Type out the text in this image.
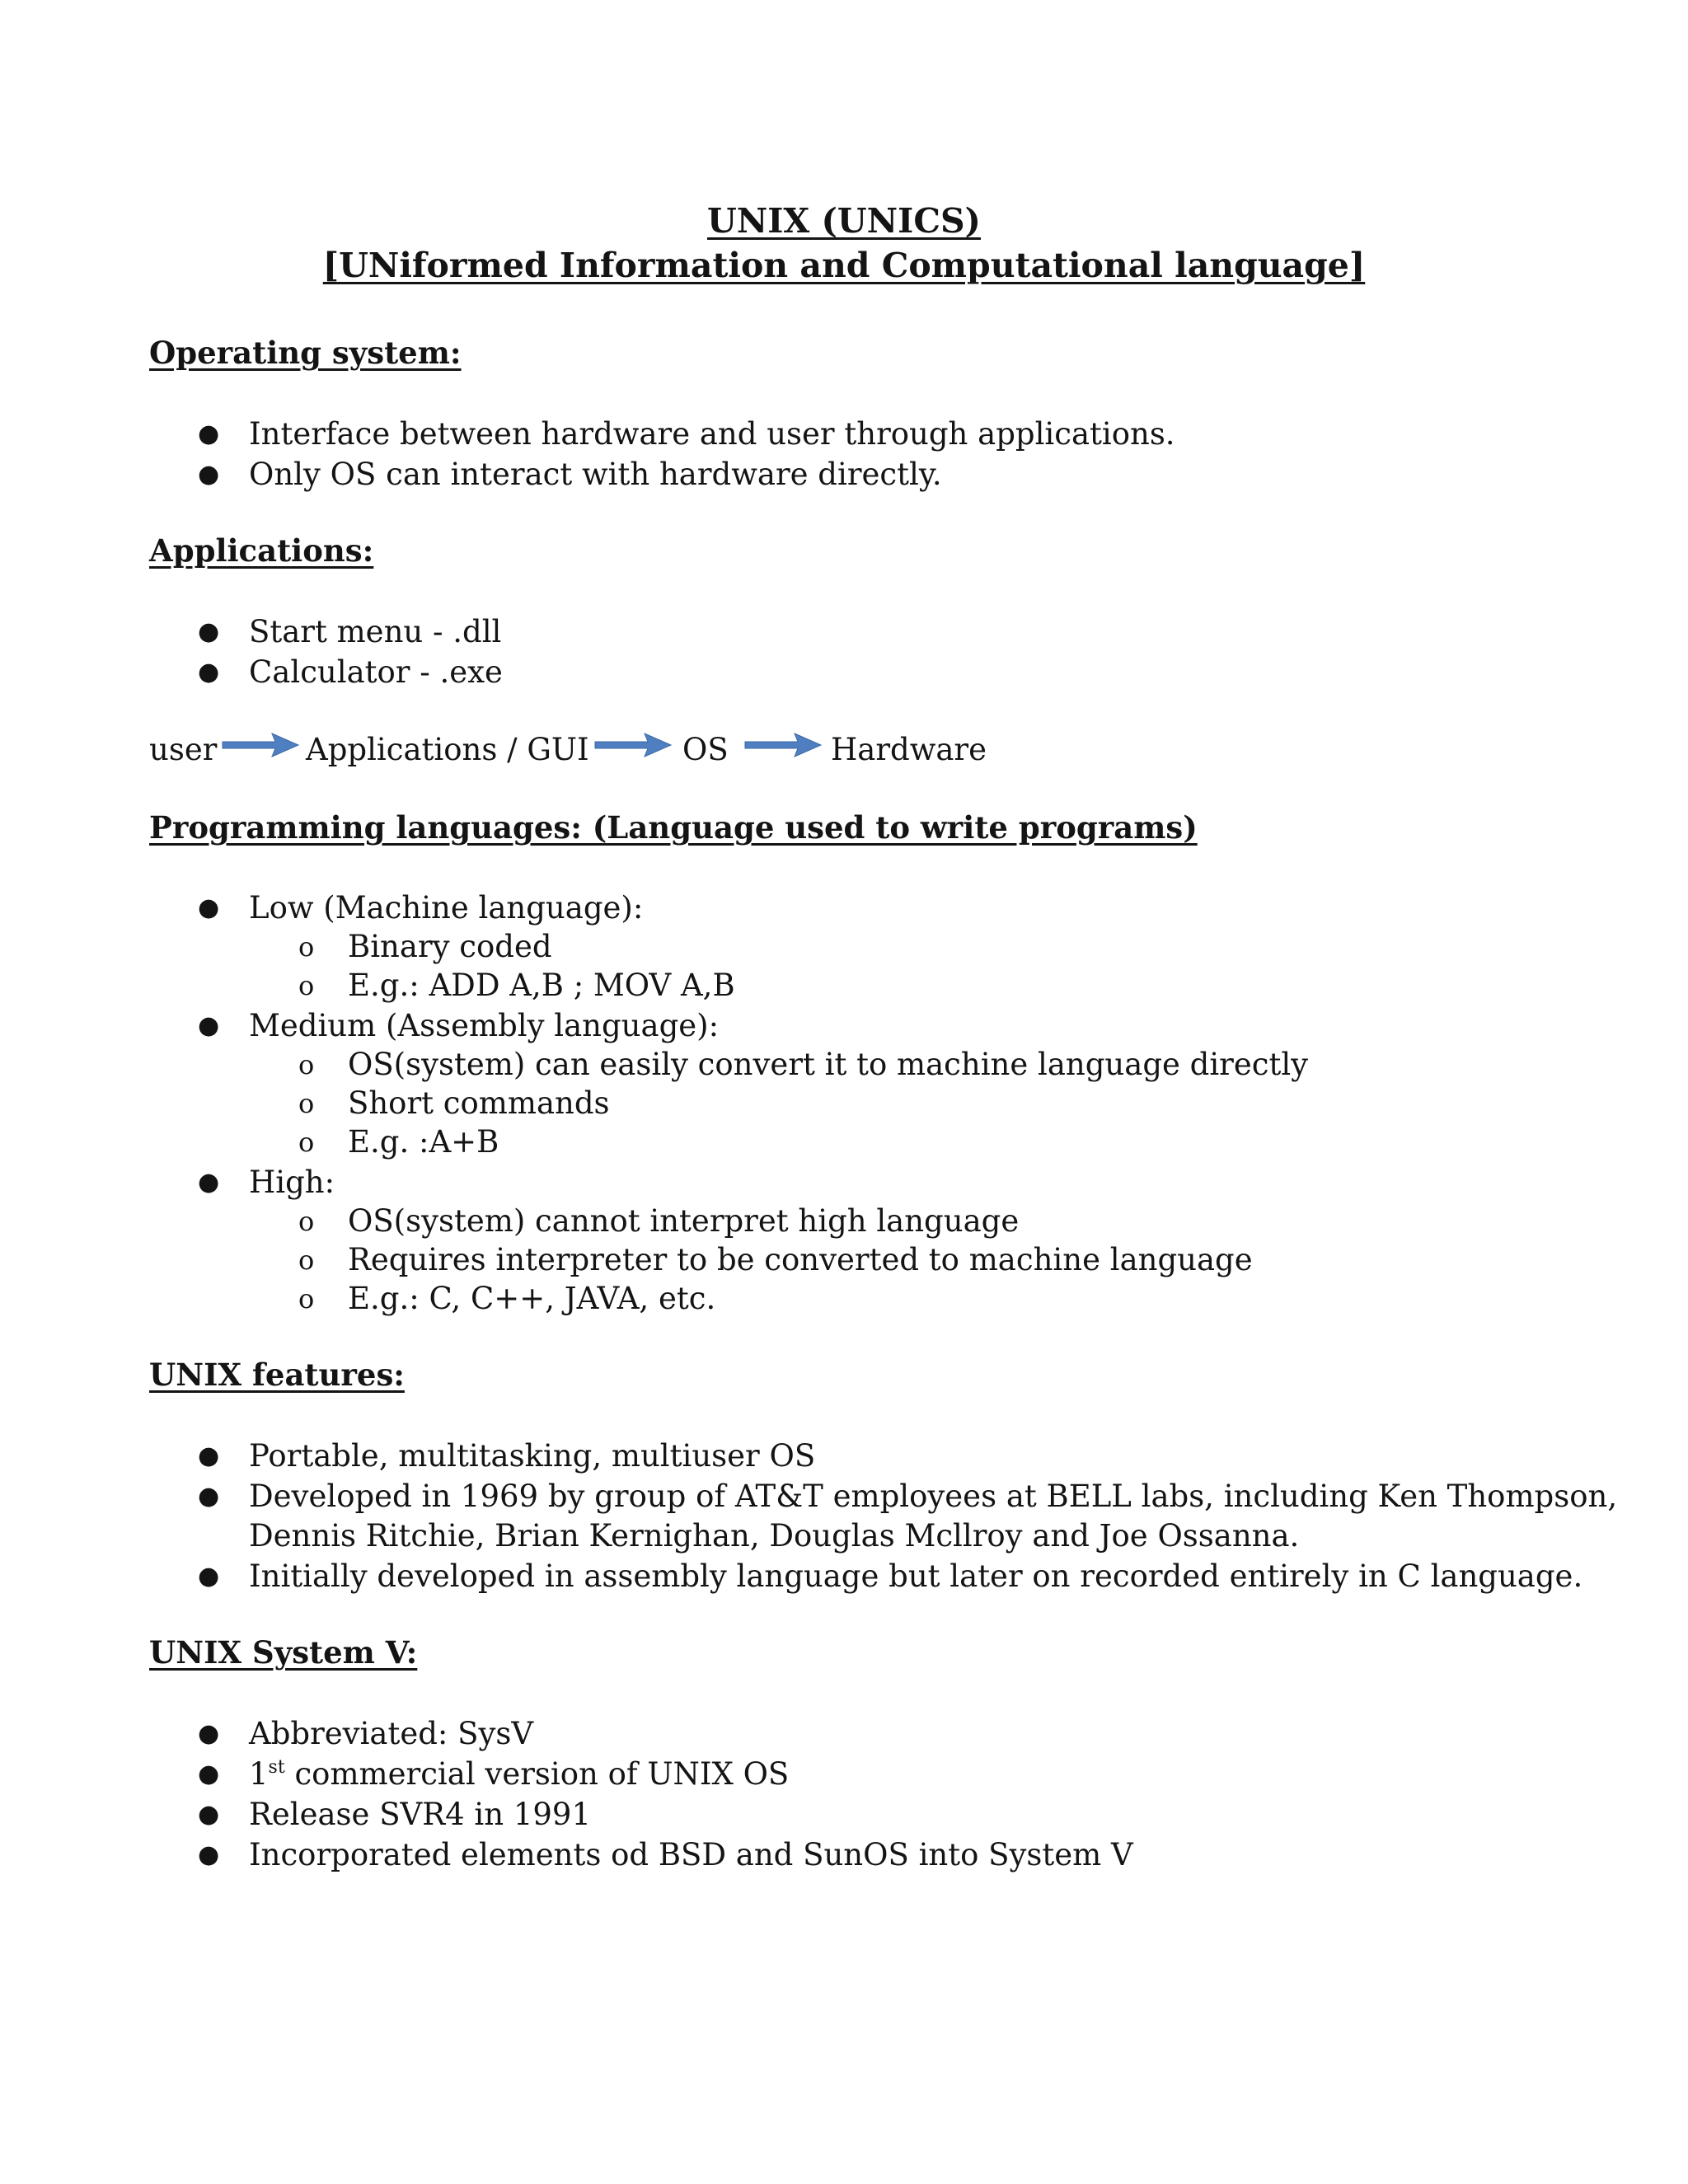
UNIX (UNICS)
[UNiformed Information and Computational language]
Operating system:
● Interface between hardware and user through applications.
● Only OS can interact with hardware directly.
Applications:
● Start menu - .dll
● Calculator - .exe
user	Applications / GUI	OS	Hardware
Programming languages: (Language used to write programs)
● Low (Machine language):
o Binary coded
o E.g.: ADD A,B ; MOV A,B
● Medium (Assembly language):
o OS(system) can easily convert it to machine language directly
o Short commands
o E.g. :A+B
● High:
o OS(system) cannot interpret high language
o Requires interpreter to be converted to machine language
o E.g.: C, C++, JAVA, etc.
UNIX features:
● Portable, multitasking, multiuser OS
● Developed in 1969 by group of AT&T employees at BELL labs, including Ken Thompson,
Dennis Ritchie, Brian Kernighan, Douglas Mcllroy and Joe Ossanna.
● Initially developed in assembly language but later on recorded entirely in C language.
UNIX System V:
● Abbreviated: SysV
● 1st commercial version of UNIX OS
● Release SVR4 in 1991
● Incorporated elements od BSD and SunOS into System V
